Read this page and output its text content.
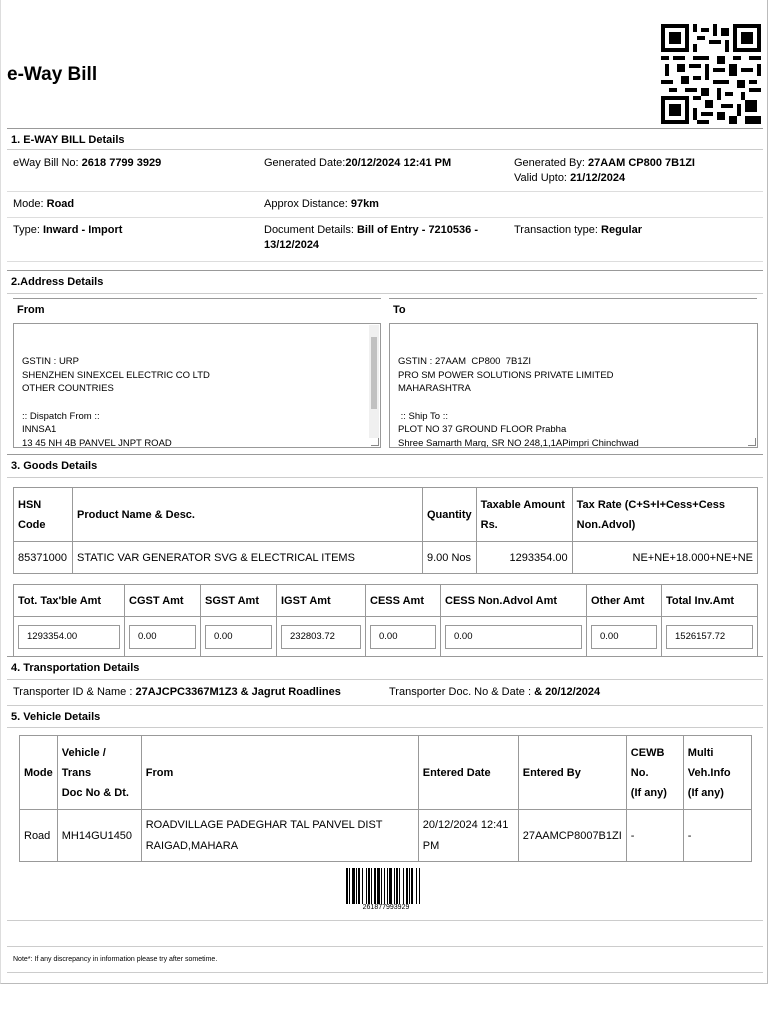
e-Way Bill
1. E-WAY BILL Details
eWay Bill No: 2618 7799 3929	Generated Date:20/12/2024 12:41 PM	Generated By: 27AAM CP800 7B1ZI
Valid Upto: 21/12/2024
Mode: Road	Approx Distance: 97km
Type: Inward - Import	Document Details: Bill of Entry - 7210536 -
13/12/2024
Transaction type: Regular
2.Address Details
From	To

GSTIN : URP
SHENZHEN SINEXCEL ELECTRIC CO LTD
OTHER COUNTRIES
:: Dispatch From ::
INNSA1
13 45 NH 4B PANVEL JNPT ROAD

GSTIN : 27AAM  CP800  7B1ZI
PRO SM POWER SOLUTIONS PRIVATE LIMITED
MAHARASHTRA
:: Ship To ::
PLOT NO 37 GROUND FLOOR Prabha
Shree Samarth Marg, SR NO 248,1,1APimpri Chinchwad

3. Goods Details
HSN Code	Product Name & Desc.	Quantity	Taxable Amount Rs.	Tax Rate (C+S+I+Cess+Cess Non.Advol)
85371000	STATIC VAR GENERATOR SVG & ELECTRICAL ITEMS	9.00 Nos	1293354.00	NE+NE+18.000+NE+NE
Tot. Tax'ble Amt	CGST Amt	SGST Amt	IGST Amt	CESS Amt	CESS Non.Advol Amt	Other Amt	Total Inv.Amt

1293354.00	0.00	0.00	232803.72	0.00	0.00	0.00	1526157.72
4. Transportation Details
Transporter ID & Name : 27AJCPC3367M1Z3 & Jagrut Roadlines	Transporter Doc. No & Date : & 20/12/2024
5. Vehicle Details
Mode	Vehicle /
Trans
Doc No & Dt.	From	Entered Date	Entered By	CEWB
No.
(If any)	Multi
Veh.Info
(If any)
Road	MH14GU1450	ROADVILLAGE PADEGHAR TAL PANVEL DIST
RAIGAD,MAHARA	20/12/2024 12:41
PM	27AAMCP8007B1ZI	-	-
261877993929
Note*: If any discrepancy in information please try after sometime.
